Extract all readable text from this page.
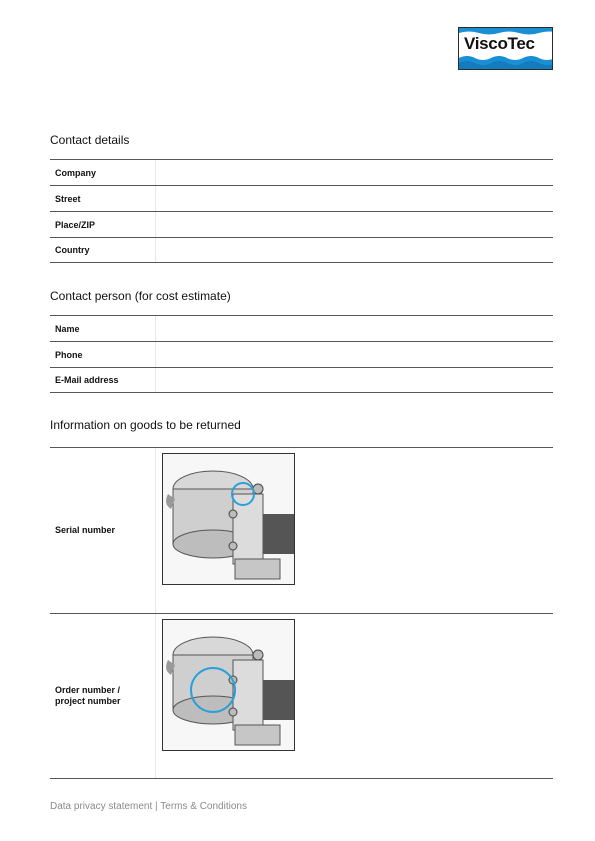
ViscoTec
Contact details
Company
Street
Place/ZIP
Country
Contact person (for cost estimate)
Name
Phone
E-Mail address
Information on goods to be returned
Serial number
Order number /
project number
Data privacy statement | Terms & Conditions
